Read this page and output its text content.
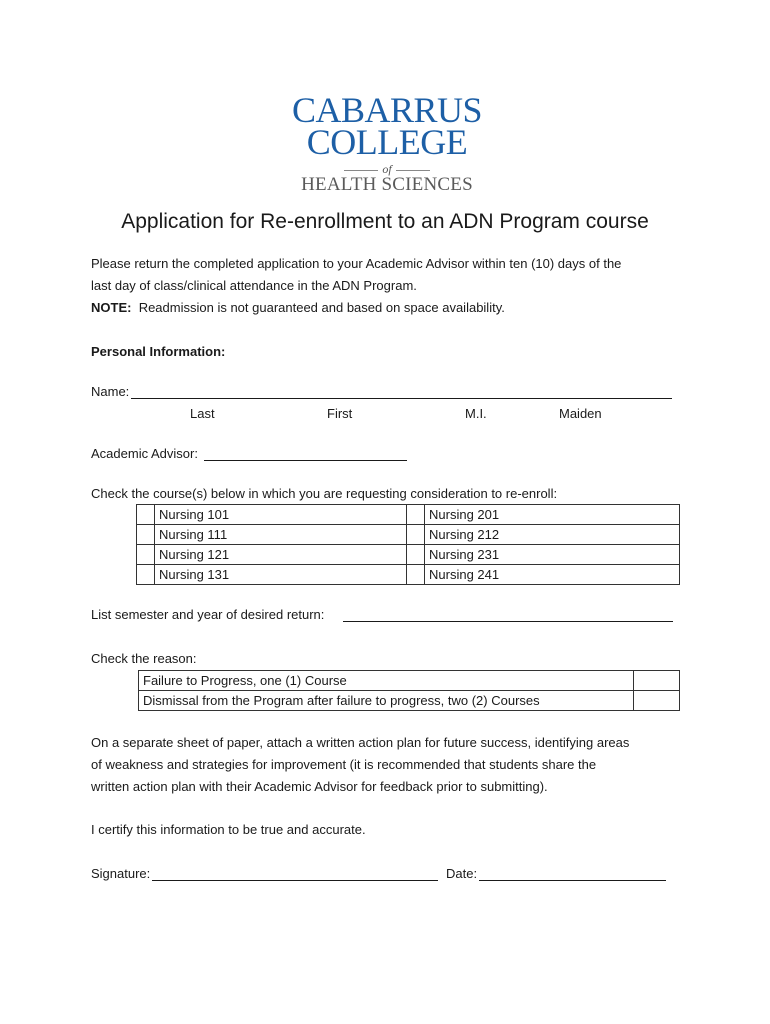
CABARRUS
COLLEGE
of
HEALTH SCIENCES
Application for Re-enrollment to an ADN Program course
Please return the completed application to your Academic Advisor within ten (10) days of the
last day of class/clinical attendance in the ADN Program.
NOTE: Readmission is not guaranteed and based on space availability.
Personal Information:
Name:
Last	First	M.I.	Maiden
Academic Advisor:
Check the course(s) below in which you are requesting consideration to re-enroll:
	Nursing 101		Nursing 201
	Nursing 111		Nursing 212
	Nursing 121		Nursing 231
	Nursing 131		Nursing 241
List semester and year of desired return:
Check the reason:
Failure to Progress, one (1) Course	
Dismissal from the Program after failure to progress, two (2) Courses	
On a separate sheet of paper, attach a written action plan for future success, identifying areas
of weakness and strategies for improvement (it is recommended that students share the
written action plan with their Academic Advisor for feedback prior to submitting).
I certify this information to be true and accurate.
Signature:	Date:
